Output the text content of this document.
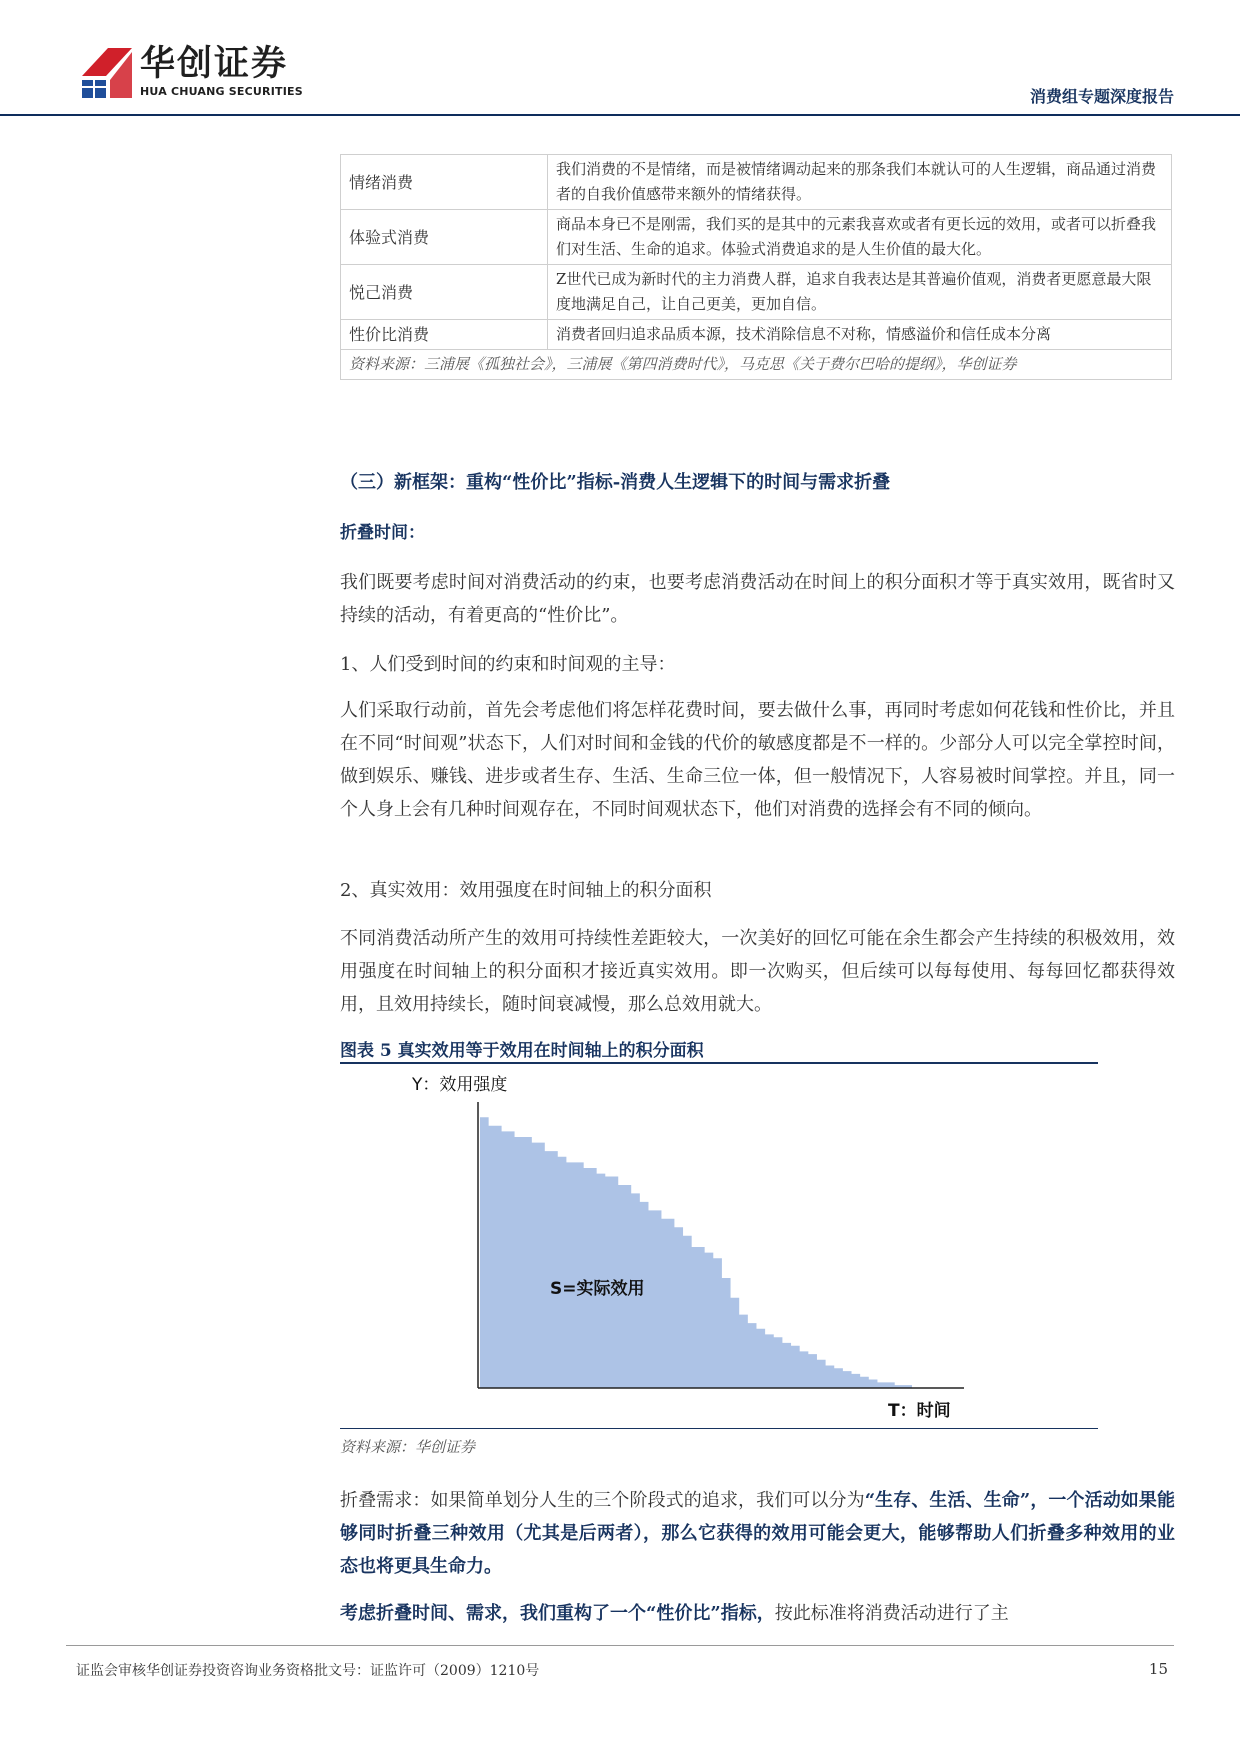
华创证券
HUA CHUANG SECURITIES	消费组专题深度报告
情绪消费	我们消费的不是情绪，而是被情绪调动起来的那条我们本就认可的人生逻辑，商品通过消费者的自我价值感带来额外的情绪获得。
体验式消费	商品本身已不是刚需，我们买的是其中的元素我喜欢或者有更长远的效用，或者可以折叠我们对生活、生命的追求。体验式消费追求的是人生价值的最大化。
悦己消费	Z世代已成为新时代的主力消费人群，追求自我表达是其普遍价值观，消费者更愿意最大限度地满足自己，让自己更美，更加自信。
性价比消费	消费者回归追求品质本源，技术消除信息不对称，情感溢价和信任成本分离
资料来源：三浦展《孤独社会》，三浦展《第四消费时代》，马克思《关于费尔巴哈的提纲》，华创证券	
（三）新框架：重构“性价比”指标-消费人生逻辑下的时间与需求折叠
折叠时间：
我们既要考虑时间对消费活动的约束，也要考虑消费活动在时间上的积分面积才等于真实效用，既省时又持续的活动，有着更高的“性价比”。
1、人们受到时间的约束和时间观的主导：
人们采取行动前，首先会考虑他们将怎样花费时间，要去做什么事，再同时考虑如何花钱和性价比，并且在不同“时间观”状态下，人们对时间和金钱的代价的敏感度都是不一样的。少部分人可以完全掌控时间，做到娱乐、赚钱、进步或者生存、生活、生命三位一体，但一般情况下，人容易被时间掌控。并且，同一个人身上会有几种时间观存在，不同时间观状态下，他们对消费的选择会有不同的倾向。
2、真实效用：效用强度在时间轴上的积分面积
不同消费活动所产生的效用可持续性差距较大，一次美好的回忆可能在余生都会产生持续的积极效用，效用强度在时间轴上的积分面积才接近真实效用。即一次购买，但后续可以每每使用、每每回忆都获得效用，且效用持续长，随时间衰减慢，那么总效用就大。
图表 5 真实效用等于效用在时间轴上的积分面积
Y：效用强度
T：时间
S=实际效用
资料来源：华创证券
折叠需求：如果简单划分人生的三个阶段式的追求，我们可以分为“生存、生活、生命”，一个活动如果能够同时折叠三种效用（尤其是后两者），那么它获得的效用可能会更大，能够帮助人们折叠多种效用的业态也将更具生命力。
考虑折叠时间、需求，我们重构了一个“性价比”指标，按此标准将消费活动进行了主
证监会审核华创证券投资咨询业务资格批文号：证监许可（2009）1210号	15
